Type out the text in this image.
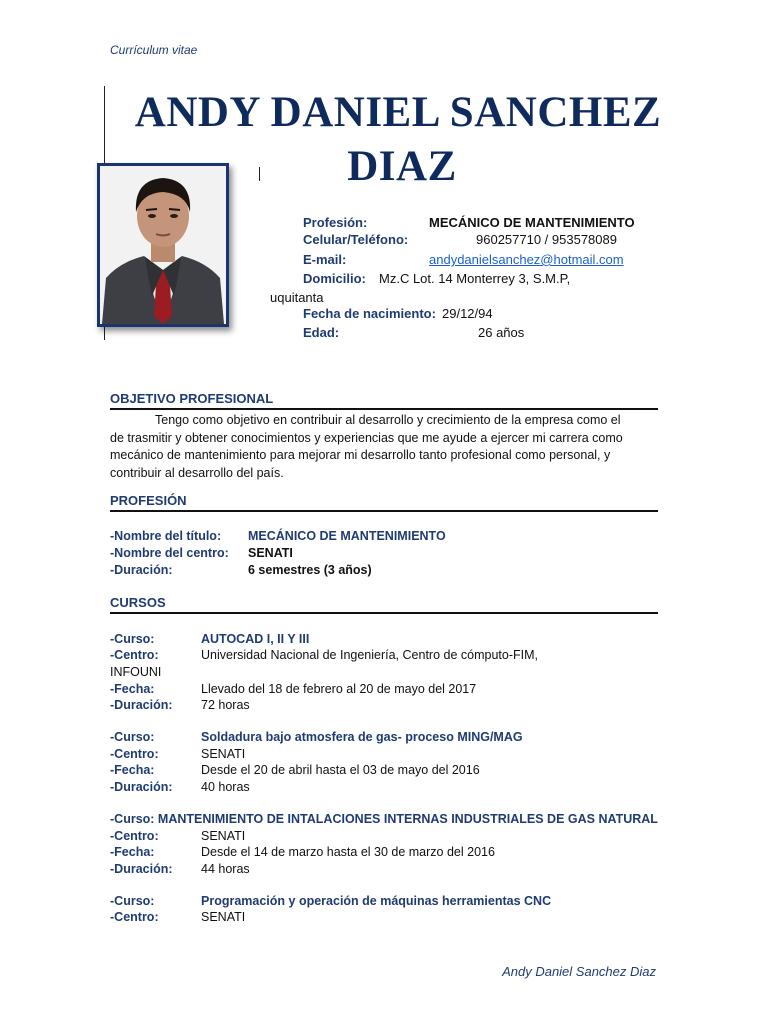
Currículum vitae
ANDY DANIEL SANCHEZ
DIAZ
Profesión:	MECÁNICO DE MANTENIMIENTO
Celular/Teléfono:	960257710 / 953578089
E-mail:	andydanielsanchez@hotmail.com
Domicilio: Mz.C Lot. 14 Monterrey 3, S.M.P,
uquitanta
Fecha de nacimiento: 29/12/94
Edad:	26 años
OBJETIVO PROFESIONAL
Tengo como objetivo en contribuir al desarrollo y crecimiento de la empresa como el
de trasmitir y obtener conocimientos y experiencias que me ayude a ejercer mi carrera como
mecánico de mantenimiento para mejorar mi desarrollo tanto profesional como personal, y
contribuir al desarrollo del país.
PROFESIÓN
-Nombre del título: MECÁNICO DE MANTENIMIENTO
-Nombre del centro: SENATI
-Duración:	6 semestres (3 años)
CURSOS
-Curso:	AUTOCAD I, II Y III
-Centro:	Universidad Nacional de Ingeniería, Centro de cómputo-FIM,
INFOUNI
-Fecha:	Llevado del 18 de febrero al 20 de mayo del 2017
-Duración: 72 horas
-Curso:	Soldadura bajo atmosfera de gas- proceso MING/MAG
-Centro:	SENATI
-Fecha:	Desde el 20 de abril hasta el 03 de mayo del 2016
-Duración: 40 horas
-Curso: MANTENIMIENTO DE INTALACIONES INTERNAS INDUSTRIALES DE GAS NATURAL
-Centro:	SENATI
-Fecha:	Desde el 14 de marzo hasta el 30 de marzo del 2016
-Duración: 44 horas
-Curso:	Programación y operación de máquinas herramientas CNC
-Centro:	SENATI
Andy Daniel Sanchez Diaz
